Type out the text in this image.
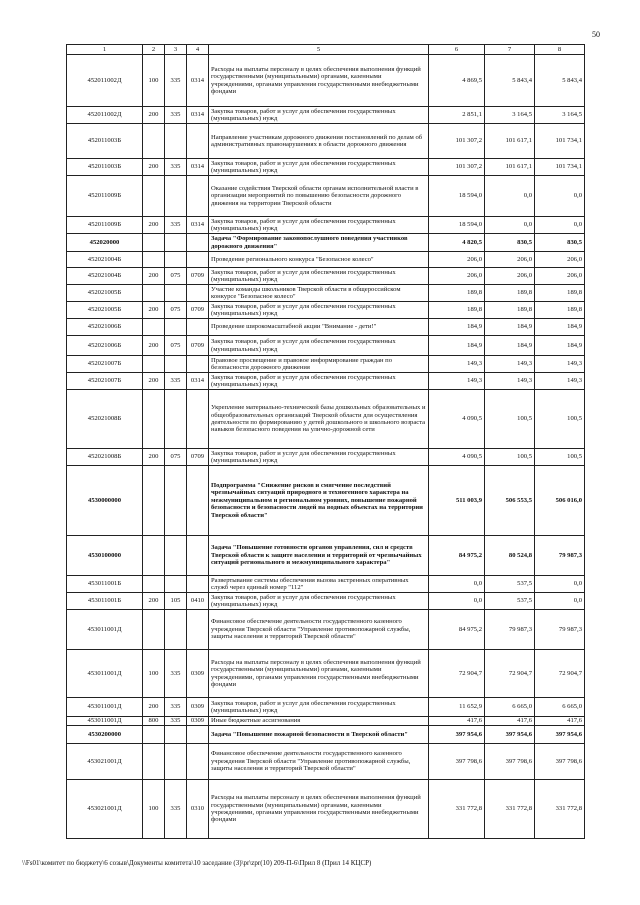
50
1	2	3	4	5	6	7	8
452011002Д	100	335	0314	Расходы на выплаты персоналу в целях обеспечения выполнения функций государственными (муниципальными) органами, казенными учреждениями, органами управления государственными внебюджетными фондами	4 869,5	5 843,4	5 843,4
452011002Д	200	335	0314	Закупка товаров, работ и услуг для обеспечения государственных (муниципальных) нужд	2 851,1	3 164,5	3 164,5
452011003Б				Направление участникам дорожного движения постановлений по делам об административных правонарушениях в области дорожного движения	101 307,2	101 617,1	101 734,1
452011003Б	200	335	0314	Закупка товаров, работ и услуг для обеспечения государственных (муниципальных) нужд	101 307,2	101 617,1	101 734,1
452011009Б				Оказание содействия Тверской области органам исполнительной власти в организации мероприятий по повышению безопасности дорожного движения на территории Тверской области	18 594,0	0,0	0,0
452011009Б	200	335	0314	Закупка товаров, работ и услуг для обеспечения государственных (муниципальных) нужд	18 594,0	0,0	0,0
452020000				Задача "Формирование законопослушного поведения участников дорожного движения"	4 820,5	830,5	830,5
452021004Б				Проведение регионального конкурса "Безопасное колесо"	206,0	206,0	206,0
452021004Б	200	075	0709	Закупка товаров, работ и услуг для обеспечения государственных (муниципальных) нужд	206,0	206,0	206,0
452021005Б				Участие команды школьников Тверской области в общероссийском конкурсе "Безопасное колесо"	189,8	189,8	189,8
452021005Б	200	075	0709	Закупка товаров, работ и услуг для обеспечения государственных (муниципальных) нужд	189,8	189,8	189,8
452021006Б				Проведение широкомасштабной акции "Внимание - дети!"	184,9	184,9	184,9
452021006Б	200	075	0709	Закупка товаров, работ и услуг для обеспечения государственных (муниципальных) нужд	184,9	184,9	184,9
452021007Б				Правовое просвещение и правовое информирование граждан по безопасности дорожного движения	149,3	149,3	149,3
452021007Б	200	335	0314	Закупка товаров, работ и услуг для обеспечения государственных (муниципальных) нужд	149,3	149,3	149,3
452021008Б				Укрепление материально-технической базы дошкольных образовательных и общеобразовательных организаций Тверской области для осуществления деятельности по формированию у детей дошкольного и школьного возраста навыков безопасного поведения на улично-дорожной сети	4 090,5	100,5	100,5
452021008Б	200	075	0709	Закупка товаров, работ и услуг для обеспечения государственных (муниципальных) нужд	4 090,5	100,5	100,5
4530000000				Подпрограмма "Снижение рисков и смягчение последствий чрезвычайных ситуаций природного и техногенного характера на межмуниципальном и региональном уровнях, повышение пожарной безопасности и безопасности людей на водных объектах на территории Тверской области"	511 003,9	506 553,5	506 016,0
4530100000				Задача "Повышение готовности органов управления, сил и средств Тверской области к защите населения и территорий от чрезвычайных ситуаций регионального и межмуниципального характера"	84 975,2	80 524,8	79 987,3
453011001Б				Развертывание системы обеспечения вызова экстренных оперативных служб через единый номер "112"	0,0	537,5	0,0
453011001Б	200	105	0410	Закупка товаров, работ и услуг для обеспечения государственных (муниципальных) нужд	0,0	537,5	0,0
453011001Д				Финансовое обеспечение деятельности государственного казенного учреждения Тверской области "Управление противопожарной службы, защиты населения и территорий Тверской области"	84 975,2	79 987,3	79 987,3
453011001Д	100	335	0309	Расходы на выплаты персоналу в целях обеспечения выполнения функций государственными (муниципальными) органами, казенными учреждениями, органами управления государственными внебюджетными фондами	72 904,7	72 904,7	72 904,7
453011001Д	200	335	0309	Закупка товаров, работ и услуг для обеспечения государственных (муниципальных) нужд	11 652,9	6 665,0	6 665,0
453011001Д	800	335	0309	Иные бюджетные ассигнования	417,6	417,6	417,6
4530200000				Задача "Повышение пожарной безопасности в Тверской области"	397 954,6	397 954,6	397 954,6
453021001Д				Финансовое обеспечение деятельности государственного казенного учреждения Тверской области "Управление противопожарной службы, защиты населения и территорий Тверской области"	397 798,6	397 798,6	397 798,6
453021001Д	100	335	0310	Расходы на выплаты персоналу в целях обеспечения выполнения функций государственными (муниципальными) органами, казенными учреждениями, органами управления государственными внебюджетными фондами	331 772,8	331 772,8	331 772,8
\\Fs01\комитет по бюджету\6 созыв\Документы комитета\10 заседание (3)\pr\zpr(10) 209-П-6\Прил 8 (Прил 14 КЦСР)
